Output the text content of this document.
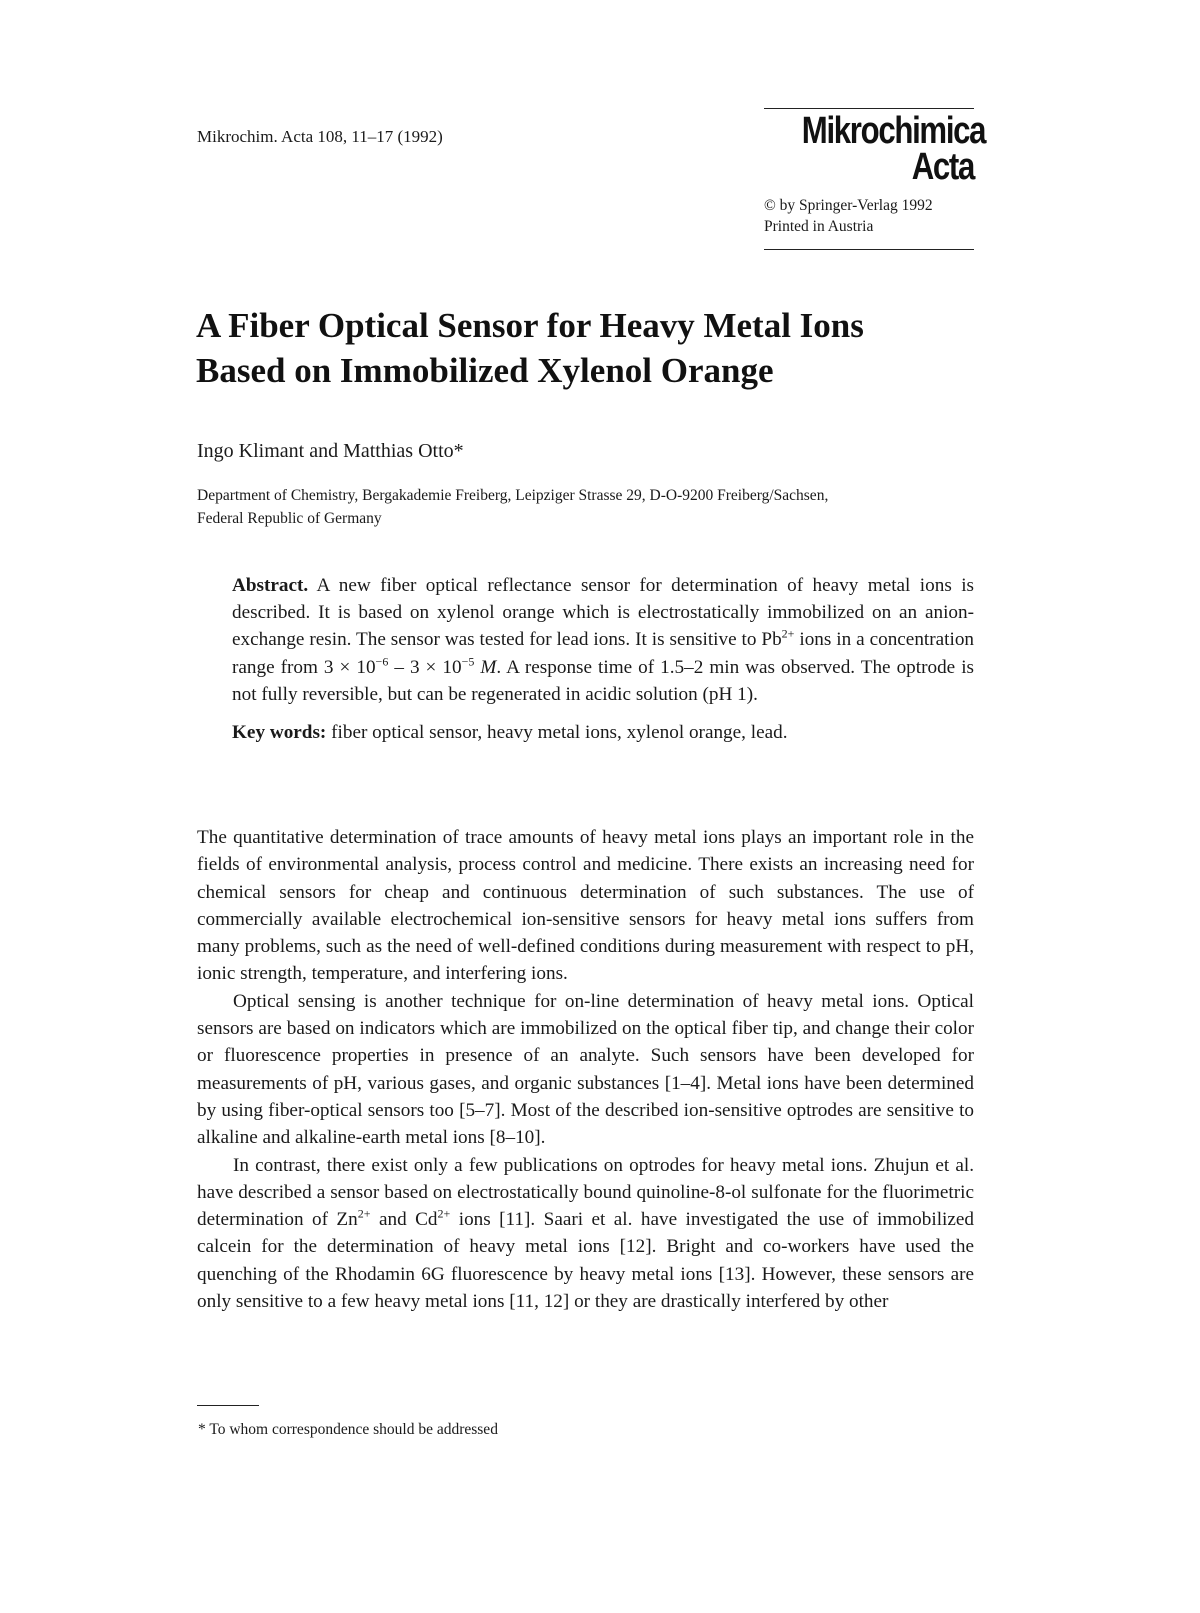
Mikrochim. Acta 108, 11–17 (1992)	Mikrochimica
Acta
© by Springer-Verlag 1992
Printed in Austria
A Fiber Optical Sensor for Heavy Metal Ions
Based on Immobilized Xylenol Orange
Ingo Klimant and Matthias Otto*
Department of Chemistry, Bergakademie Freiberg, Leipziger Strasse 29, D-O-9200 Freiberg/Sachsen,
Federal Republic of Germany

Abstract. A new fiber optical reflectance sensor for determination of heavy metal ions is described. It is based on xylenol orange which is electrostatically immobilized on an anion-exchange resin. The sensor was tested for lead ions. It is sensitive to $Pb^{2+}$ ions in a concentration range from $3 \times 10^{-6} - 3 \times 10^{-5}$ M. A response time of 1.5–2 min was observed. The optrode is not fully reversible, but can be regenerated in acidic solution (pH 1).

Key words: fiber optical sensor, heavy metal ions, xylenol orange, lead.

The quantitative determination of trace amounts of heavy metal ions plays an important role in the fields of environmental analysis, process control and medicine. There exists an increasing need for chemical sensors for cheap and continuous determination of such substances. The use of commercially available electrochemical ion-sensitive sensors for heavy metal ions suffers from many problems, such as the need of well-defined conditions during measurement with respect to pH, ionic strength, temperature, and interfering ions.

Optical sensing is another technique for on-line determination of heavy metal ions. Optical sensors are based on indicators which are immobilized on the optical fiber tip, and change their color or fluorescence properties in presence of an analyte. Such sensors have been developed for measurements of pH, various gases, and organic substances [1–4]. Metal ions have been determined by using fiber-optical sensors too [5–7]. Most of the described ion-sensitive optrodes are sensitive to alkaline and alkaline-earth metal ions [8–10].

In contrast, there exist only a few publications on optrodes for heavy metal ions. Zhujun et al. have described a sensor based on electrostatically bound quinoline-8-ol sulfonate for the fluorimetric determination of $Zn^{2+}$ and $Cd^{2+}$ ions [11]. Saari et al. have investigated the use of immobilized calcein for the determination of heavy metal ions [12]. Bright and co-workers have used the quenching of the Rhodamin 6G fluorescence by heavy metal ions [13]. However, these sensors are only sensitive to a few heavy metal ions [11, 12] or they are drastically interfered by other

* To whom correspondence should be addressed
